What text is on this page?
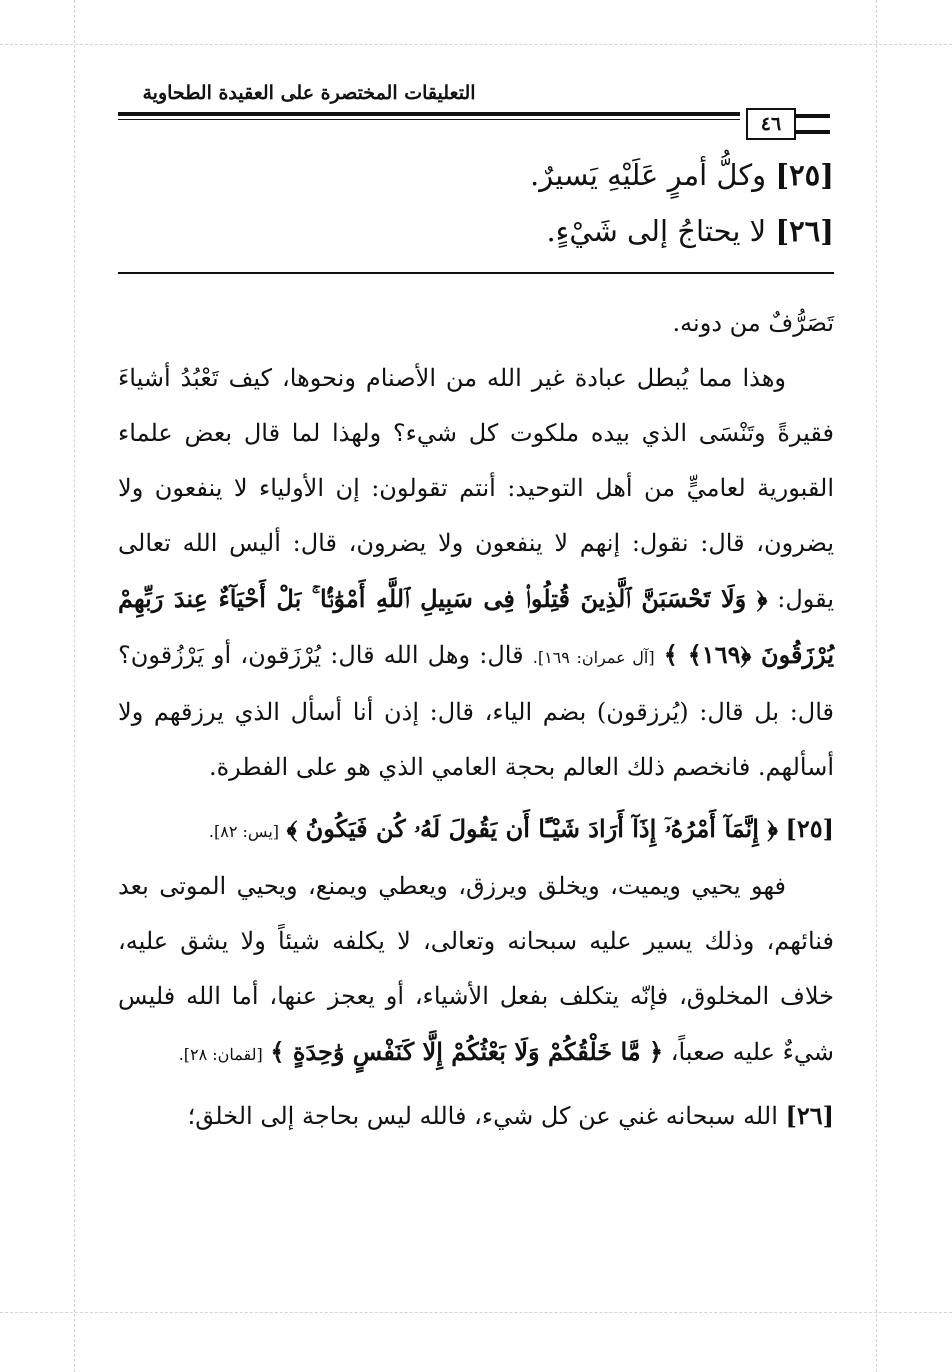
التعليقات المختصرة على العقيدة الطحاوية
٤٦
[٢٥] وكلُّ أمرٍ عَلَيْهِ يَسيرٌ.
[٢٦] لا يحتاجُ إلى شَيْءٍ.

تَصَرُّفٌ من دونه.

وهذا مما يُبطل عبادة غير الله من الأصنام ونحوها، كيف تَعْبُدُ أشياءَ فقيرةً وتَنْسَى الذي بيده ملكوت كل شيء؟ ولهذا لما قال بعض علماء القبورية لعاميٍّ من أهل التوحيد: أنتم تقولون: إن الأولياء لا ينفعون ولا يضرون، قال: نقول: إنهم لا ينفعون ولا يضرون، قال: أليس الله تعالى يقول: ﴿ وَلَا تَحْسَبَنَّ ٱلَّذِينَ قُتِلُوا۟ فِى سَبِيلِ ٱللَّهِ أَمْوَٰتًۢا ۚ بَلْ أَحْيَآءٌ عِندَ رَبِّهِمْ يُرْزَقُونَ ﴿١٦٩﴾ ﴾ [آل عمران: ١٦٩]. قال: وهل الله قال: يُرْزَقون، أو يَرْزُقون؟ قال: بل قال: (يُرزقون) بضم الياء، قال: إذن أنا أسأل الذي يرزقهم ولا أسألهم. فانخصم ذلك العالم بحجة العامي الذي هو على الفطرة.

[٢٥] ﴿ إِنَّمَآ أَمْرُهُۥٓ إِذَآ أَرَادَ شَيْـًٔا أَن يَقُولَ لَهُۥ كُن فَيَكُونُ ﴾ [يس: ٨٢].

فهو يحيي ويميت، ويخلق ويرزق، ويعطي ويمنع، ويحيي الموتى بعد فنائهم، وذلك يسير عليه سبحانه وتعالى، لا يكلفه شيئاً ولا يشق عليه، خلاف المخلوق، فإنّه يتكلف بفعل الأشياء، أو يعجز عنها، أما الله فليس شيءٌ عليه صعباً، ﴿ مَّا خَلْقُكُمْ وَلَا بَعْثُكُمْ إِلَّا كَنَفْسٍ وَٰحِدَةٍ ﴾ [لقمان: ٢٨].

[٢٦] الله سبحانه غني عن كل شيء، فالله ليس بحاجة إلى الخلق؛
